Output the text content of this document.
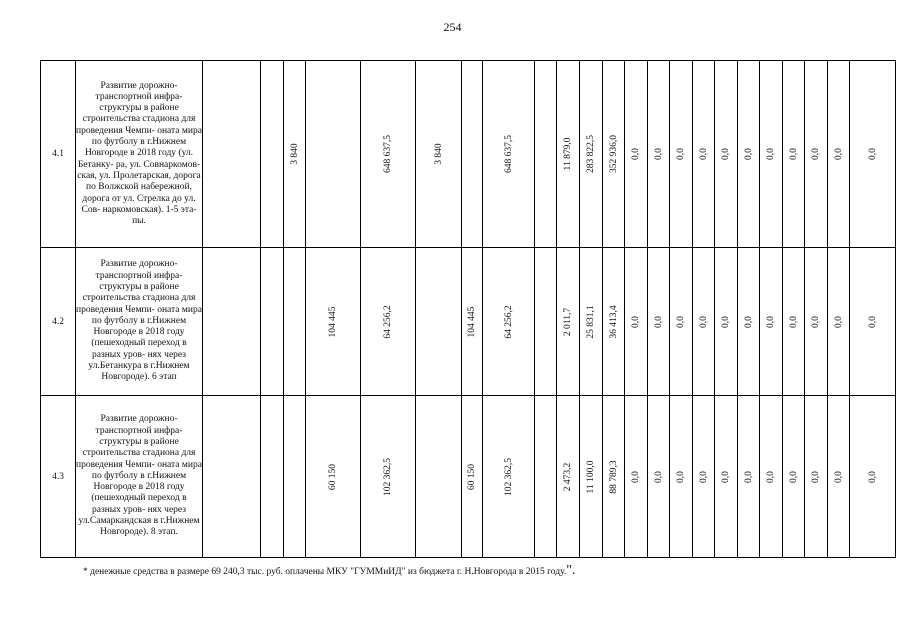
254
4.1	Развитие дорожно- транспортной инфра- структуры в районе строительства стадиона для проведения Чемпи- оната мира по футболу в г.Нижнем Новгороде в 2018 году (ул. Бетанку- ра, ул. Совнаркомов- ская, ул. Пролетарская, дорога по Волжской набережной, дорога от ул. Стрелка до ул. Сов- наркомовская). 1-5 эта- пы.			3 840		648 637,5	3 840		648 637,5		11 879,0	283 822,5	352 936,0	0,0	0,0	0,0	0,0	0,0	0,0	0,0	0,0	0,0	0,0	0,0

4.2	Развитие дорожно- транспортной инфра- структуры в районе строительства стадиона для проведения Чемпи- оната мира по футболу в г.Нижнем Новгороде в 2018 году (пешеходный переход в разных уров- нях через ул.Бетанкура в г.Нижнем Новгороде). 6 этап				104 445	64 256,2		104 445	64 256,2		2 011,7	25 831,1	36 413,4	0,0	0,0	0,0	0,0	0,0	0,0	0,0	0,0	0,0	0,0	0,0

4.3	Развитие дорожно- транспортной инфра- структуры в районе строительства стадиона для проведения Чемпи- оната мира по футболу в г.Нижнем Новгороде в 2018 году (пешеходный переход в разных уров- нях через ул.Самаркандская в г.Нижнем Новгороде). 8 этап.				60 150	102 362,5		60 150	102 362,5		2 473,2	11 100,0	88 789,3	0,0	0,0	0,0	0,0	0,0	0,0	0,0	0,0	0,0	0,0	0,0
* денежные средства в размере 69 240,3 тыс. руб. оплачены МКУ "ГУММиИД" из бюджета г. Н.Новгорода в 2015 году.".
